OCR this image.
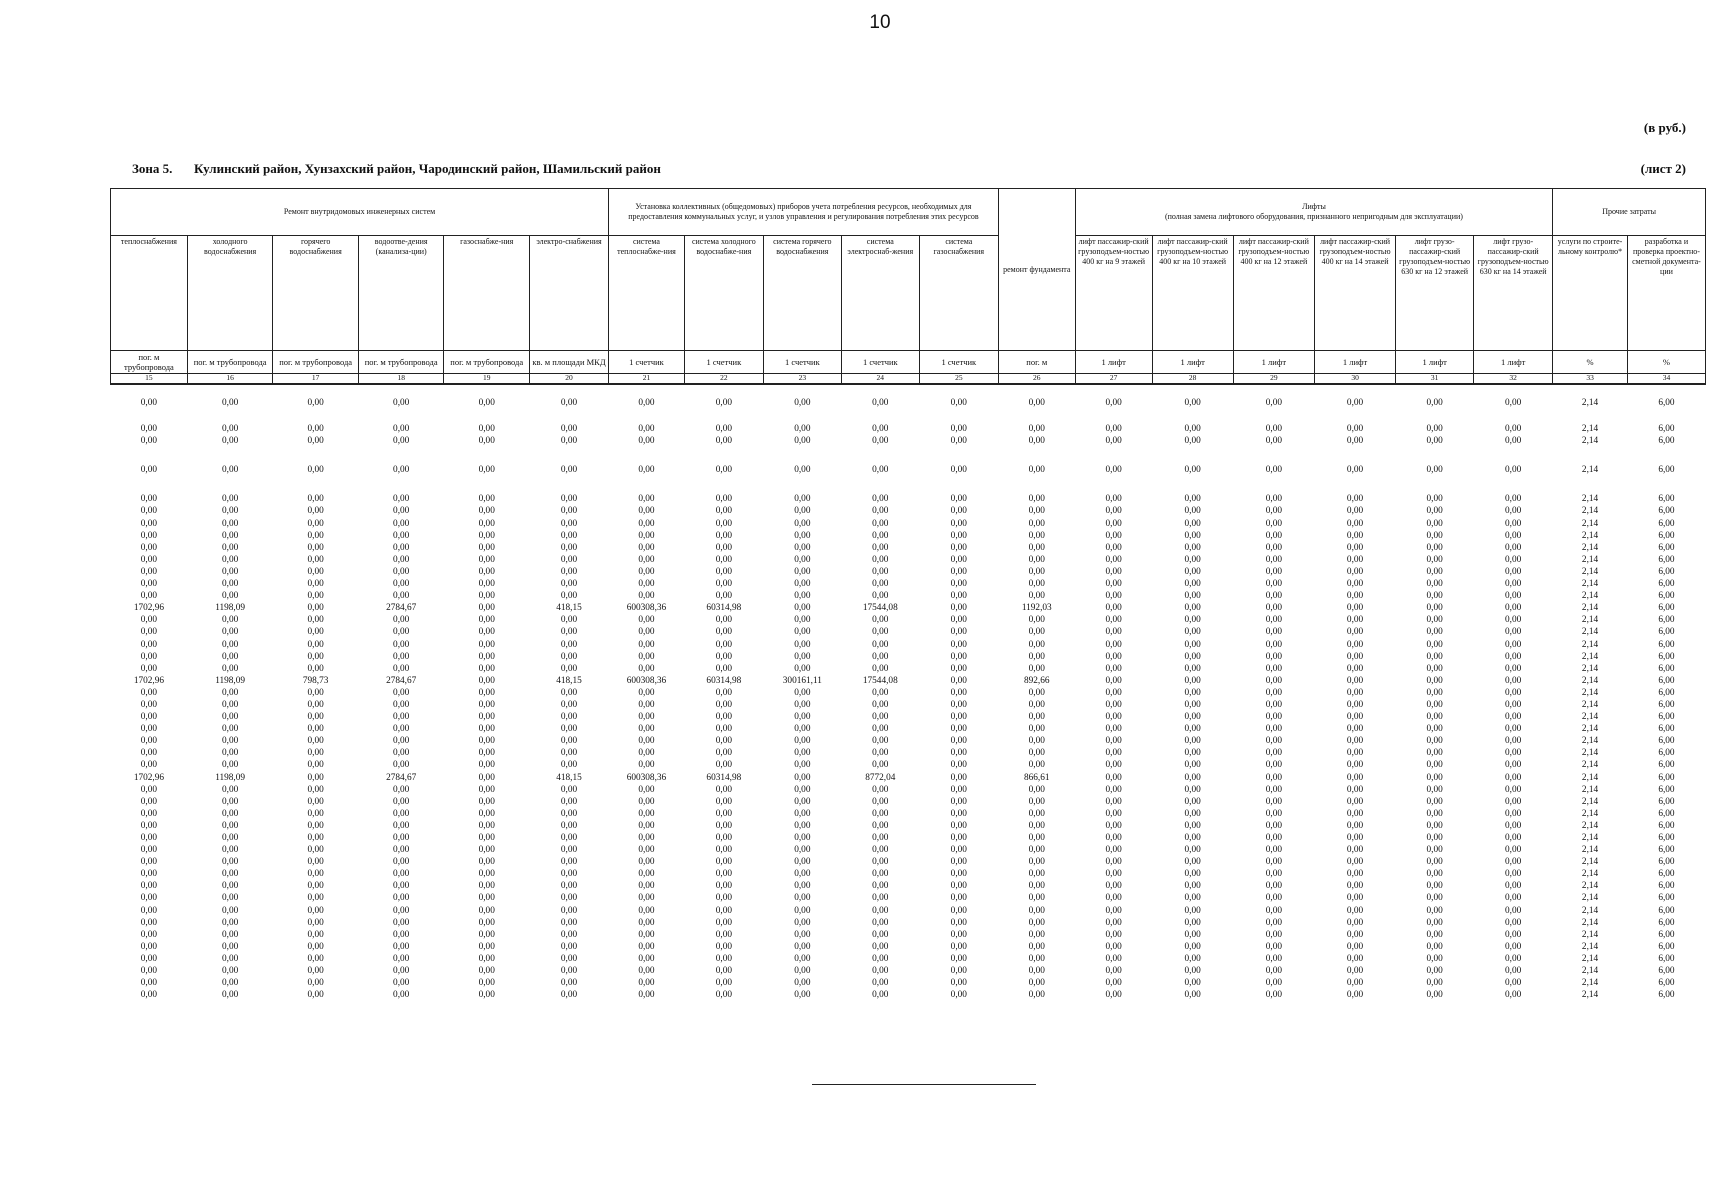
10
(в руб.)
Зона 5. Кулинский район, Хунзахский район, Чародинский район, Шамильский район	(лист 2)
Ремонт внутридомовых инженерных систем						Установка коллективных (общедомовых) приборов учета потребления ресурсов, необходимых для предоставления коммунальных услуг, и узлов управления и регулирования потребления этих ресурсов					ремонт фундамента	Лифты
(полная замена лифтового оборудования, признанного непригодным для эксплуатации)						Прочие затраты	
теплоснабжения	холодного водоснабжения	горячего водоснабжения	водоотве-дения (канализа-ции)	газоснабже-ния	электро-снабжения	система теплоснабже-ния	система холодного водоснабже-ния	система горячего водоснабжения	система электроснаб-жения	система газоснабжения		лифт пассажир-ский грузоподъем-ностью 400 кг на 9 этажей	лифт пассажир-ский грузоподъем-ностью 400 кг на 10 этажей	лифт пассажир-ский грузоподъем-ностью 400 кг на 12 этажей	лифт пассажир-ский грузоподъем-ностью 400 кг на 14 этажей	лифт грузо-пассажир-ский грузоподъем-ностью 630 кг на 12 этажей	лифт грузо-пассажир-ский грузоподъем-ностью 630 кг на 14 этажей	услуги по строите-льному контролю*	разработка и проверка проектно-сметной документа-ции
пог. м трубопровода	пог. м трубопровода	пог. м трубопровода	пог. м трубопровода	пог. м трубопровода	кв. м площади МКД	1 счетчик	1 счетчик	1 счетчик	1 счетчик	1 счетчик	пог. м	1 лифт	1 лифт	1 лифт	1 лифт	1 лифт	1 лифт	%	%
15	16	17	18	19	20	21	22	23	24	25	26	27	28	29	30	31	32	33	34

0,00	0,00	0,00	0,00	0,00	0,00	0,00	0,00	0,00	0,00	0,00	0,00	0,00	0,00	0,00	0,00	0,00	0,00	2,14	6,00

0,00	0,00	0,00	0,00	0,00	0,00	0,00	0,00	0,00	0,00	0,00	0,00	0,00	0,00	0,00	0,00	0,00	0,00	2,14	6,00
0,00	0,00	0,00	0,00	0,00	0,00	0,00	0,00	0,00	0,00	0,00	0,00	0,00	0,00	0,00	0,00	0,00	0,00	2,14	6,00

0,00	0,00	0,00	0,00	0,00	0,00	0,00	0,00	0,00	0,00	0,00	0,00	0,00	0,00	0,00	0,00	0,00	0,00	2,14	6,00

0,00	0,00	0,00	0,00	0,00	0,00	0,00	0,00	0,00	0,00	0,00	0,00	0,00	0,00	0,00	0,00	0,00	0,00	2,14	6,00
0,00	0,00	0,00	0,00	0,00	0,00	0,00	0,00	0,00	0,00	0,00	0,00	0,00	0,00	0,00	0,00	0,00	0,00	2,14	6,00
0,00	0,00	0,00	0,00	0,00	0,00	0,00	0,00	0,00	0,00	0,00	0,00	0,00	0,00	0,00	0,00	0,00	0,00	2,14	6,00
0,00	0,00	0,00	0,00	0,00	0,00	0,00	0,00	0,00	0,00	0,00	0,00	0,00	0,00	0,00	0,00	0,00	0,00	2,14	6,00
0,00	0,00	0,00	0,00	0,00	0,00	0,00	0,00	0,00	0,00	0,00	0,00	0,00	0,00	0,00	0,00	0,00	0,00	2,14	6,00
0,00	0,00	0,00	0,00	0,00	0,00	0,00	0,00	0,00	0,00	0,00	0,00	0,00	0,00	0,00	0,00	0,00	0,00	2,14	6,00
0,00	0,00	0,00	0,00	0,00	0,00	0,00	0,00	0,00	0,00	0,00	0,00	0,00	0,00	0,00	0,00	0,00	0,00	2,14	6,00
0,00	0,00	0,00	0,00	0,00	0,00	0,00	0,00	0,00	0,00	0,00	0,00	0,00	0,00	0,00	0,00	0,00	0,00	2,14	6,00
0,00	0,00	0,00	0,00	0,00	0,00	0,00	0,00	0,00	0,00	0,00	0,00	0,00	0,00	0,00	0,00	0,00	0,00	2,14	6,00
1702,96	1198,09	0,00	2784,67	0,00	418,15	600308,36	60314,98	0,00	17544,08	0,00	1192,03	0,00	0,00	0,00	0,00	0,00	0,00	2,14	6,00
0,00	0,00	0,00	0,00	0,00	0,00	0,00	0,00	0,00	0,00	0,00	0,00	0,00	0,00	0,00	0,00	0,00	0,00	2,14	6,00
0,00	0,00	0,00	0,00	0,00	0,00	0,00	0,00	0,00	0,00	0,00	0,00	0,00	0,00	0,00	0,00	0,00	0,00	2,14	6,00
0,00	0,00	0,00	0,00	0,00	0,00	0,00	0,00	0,00	0,00	0,00	0,00	0,00	0,00	0,00	0,00	0,00	0,00	2,14	6,00
0,00	0,00	0,00	0,00	0,00	0,00	0,00	0,00	0,00	0,00	0,00	0,00	0,00	0,00	0,00	0,00	0,00	0,00	2,14	6,00
0,00	0,00	0,00	0,00	0,00	0,00	0,00	0,00	0,00	0,00	0,00	0,00	0,00	0,00	0,00	0,00	0,00	0,00	2,14	6,00
1702,96	1198,09	798,73	2784,67	0,00	418,15	600308,36	60314,98	300161,11	17544,08	0,00	892,66	0,00	0,00	0,00	0,00	0,00	0,00	2,14	6,00
0,00	0,00	0,00	0,00	0,00	0,00	0,00	0,00	0,00	0,00	0,00	0,00	0,00	0,00	0,00	0,00	0,00	0,00	2,14	6,00
0,00	0,00	0,00	0,00	0,00	0,00	0,00	0,00	0,00	0,00	0,00	0,00	0,00	0,00	0,00	0,00	0,00	0,00	2,14	6,00
0,00	0,00	0,00	0,00	0,00	0,00	0,00	0,00	0,00	0,00	0,00	0,00	0,00	0,00	0,00	0,00	0,00	0,00	2,14	6,00
0,00	0,00	0,00	0,00	0,00	0,00	0,00	0,00	0,00	0,00	0,00	0,00	0,00	0,00	0,00	0,00	0,00	0,00	2,14	6,00
0,00	0,00	0,00	0,00	0,00	0,00	0,00	0,00	0,00	0,00	0,00	0,00	0,00	0,00	0,00	0,00	0,00	0,00	2,14	6,00
0,00	0,00	0,00	0,00	0,00	0,00	0,00	0,00	0,00	0,00	0,00	0,00	0,00	0,00	0,00	0,00	0,00	0,00	2,14	6,00
0,00	0,00	0,00	0,00	0,00	0,00	0,00	0,00	0,00	0,00	0,00	0,00	0,00	0,00	0,00	0,00	0,00	0,00	2,14	6,00
1702,96	1198,09	0,00	2784,67	0,00	418,15	600308,36	60314,98	0,00	8772,04	0,00	866,61	0,00	0,00	0,00	0,00	0,00	0,00	2,14	6,00
0,00	0,00	0,00	0,00	0,00	0,00	0,00	0,00	0,00	0,00	0,00	0,00	0,00	0,00	0,00	0,00	0,00	0,00	2,14	6,00
0,00	0,00	0,00	0,00	0,00	0,00	0,00	0,00	0,00	0,00	0,00	0,00	0,00	0,00	0,00	0,00	0,00	0,00	2,14	6,00
0,00	0,00	0,00	0,00	0,00	0,00	0,00	0,00	0,00	0,00	0,00	0,00	0,00	0,00	0,00	0,00	0,00	0,00	2,14	6,00
0,00	0,00	0,00	0,00	0,00	0,00	0,00	0,00	0,00	0,00	0,00	0,00	0,00	0,00	0,00	0,00	0,00	0,00	2,14	6,00
0,00	0,00	0,00	0,00	0,00	0,00	0,00	0,00	0,00	0,00	0,00	0,00	0,00	0,00	0,00	0,00	0,00	0,00	2,14	6,00
0,00	0,00	0,00	0,00	0,00	0,00	0,00	0,00	0,00	0,00	0,00	0,00	0,00	0,00	0,00	0,00	0,00	0,00	2,14	6,00
0,00	0,00	0,00	0,00	0,00	0,00	0,00	0,00	0,00	0,00	0,00	0,00	0,00	0,00	0,00	0,00	0,00	0,00	2,14	6,00
0,00	0,00	0,00	0,00	0,00	0,00	0,00	0,00	0,00	0,00	0,00	0,00	0,00	0,00	0,00	0,00	0,00	0,00	2,14	6,00
0,00	0,00	0,00	0,00	0,00	0,00	0,00	0,00	0,00	0,00	0,00	0,00	0,00	0,00	0,00	0,00	0,00	0,00	2,14	6,00
0,00	0,00	0,00	0,00	0,00	0,00	0,00	0,00	0,00	0,00	0,00	0,00	0,00	0,00	0,00	0,00	0,00	0,00	2,14	6,00
0,00	0,00	0,00	0,00	0,00	0,00	0,00	0,00	0,00	0,00	0,00	0,00	0,00	0,00	0,00	0,00	0,00	0,00	2,14	6,00
0,00	0,00	0,00	0,00	0,00	0,00	0,00	0,00	0,00	0,00	0,00	0,00	0,00	0,00	0,00	0,00	0,00	0,00	2,14	6,00
0,00	0,00	0,00	0,00	0,00	0,00	0,00	0,00	0,00	0,00	0,00	0,00	0,00	0,00	0,00	0,00	0,00	0,00	2,14	6,00
0,00	0,00	0,00	0,00	0,00	0,00	0,00	0,00	0,00	0,00	0,00	0,00	0,00	0,00	0,00	0,00	0,00	0,00	2,14	6,00
0,00	0,00	0,00	0,00	0,00	0,00	0,00	0,00	0,00	0,00	0,00	0,00	0,00	0,00	0,00	0,00	0,00	0,00	2,14	6,00
0,00	0,00	0,00	0,00	0,00	0,00	0,00	0,00	0,00	0,00	0,00	0,00	0,00	0,00	0,00	0,00	0,00	0,00	2,14	6,00
0,00	0,00	0,00	0,00	0,00	0,00	0,00	0,00	0,00	0,00	0,00	0,00	0,00	0,00	0,00	0,00	0,00	0,00	2,14	6,00
0,00	0,00	0,00	0,00	0,00	0,00	0,00	0,00	0,00	0,00	0,00	0,00	0,00	0,00	0,00	0,00	0,00	0,00	2,14	6,00
